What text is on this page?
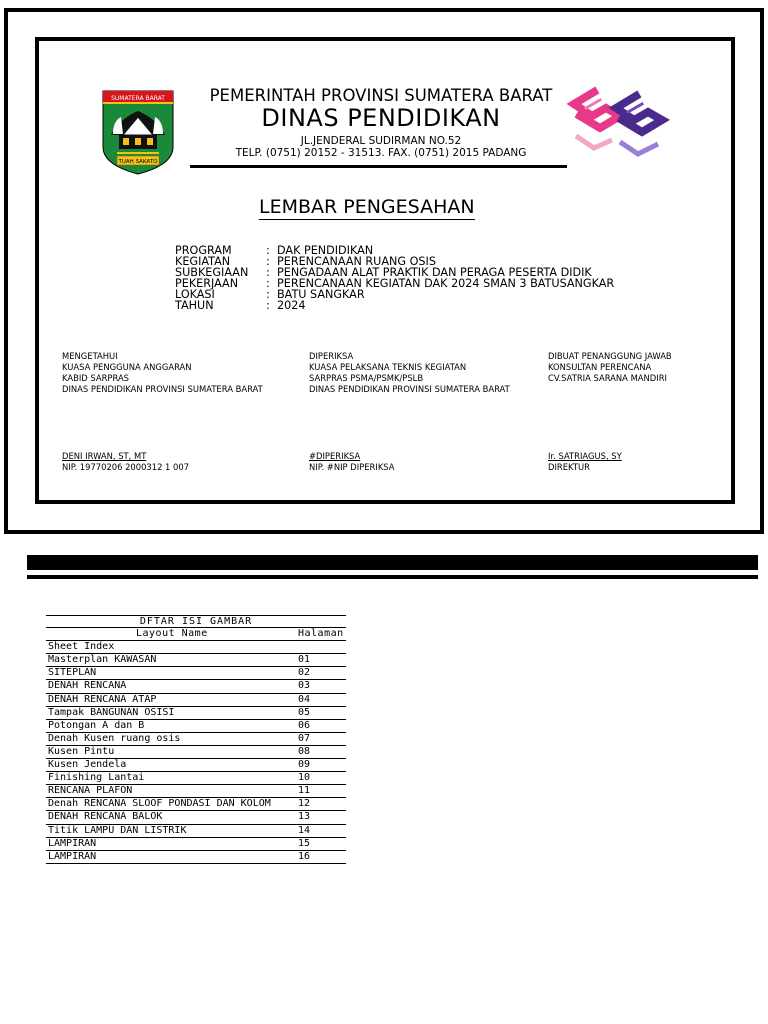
SUMATERA BARAT
TUAH SAKATO
PEMERINTAH PROVINSI SUMATERA BARAT
DINAS PENDIDIKAN
JL.JENDERAL SUDIRMAN NO.52
TELP. (0751) 20152 - 31513. FAX. (0751) 2015 PADANG
LEMBAR PENGESAHAN
PROGRAM	: DAK PENDIDIKAN
KEGIATAN	: PERENCANAAN RUANG OSIS
SUBKEGIAAN	: PENGADAAN ALAT PRAKTIK DAN PERAGA PESERTA DIDIK
PEKERJAAN	: PERENCANAAN KEGIATAN DAK 2024 SMAN 3 BATUSANGKAR
LOKASI	: BATU SANGKAR
TAHUN	: 2024
MENGETAHUI
KUASA PENGGUNA ANGGARAN
KABID SARPRAS
DINAS PENDIDIKAN PROVINSI SUMATERA BARAT
DIPERIKSA
KUASA PELAKSANA TEKNIS KEGIATAN
SARPRAS PSMA/PSMK/PSLB
DINAS PENDIDIKAN PROVINSI SUMATERA BARAT
DIBUAT PENANGGUNG JAWAB
KONSULTAN PERENCANA
CV.SATRIA SARANA MANDIRI
DENI IRWAN, ST, MT
NIP. 19770206 2000312 1 007
#DIPERIKSA
NIP. #NIP DIPERIKSA
Ir. SATRIAGUS, SY
DIREKTUR
DFTAR ISI GAMBAR
Layout Name	Halaman
Sheet Index
Masterplan KAWASAN	01
SITEPLAN	02
DENAH RENCANA	03
DENAH RENCANA ATAP	04
Tampak BANGUNAN OSISI	05
Potongan A dan B	06
Denah Kusen ruang osis	07
Kusen Pintu	08
Kusen Jendela	09
Finishing Lantai	10
RENCANA PLAFON	11
Denah RENCANA SLOOF PONDASI DAN KOLOM	12
DENAH RENCANA BALOK	13
Titik LAMPU DAN LISTRIK	14
LAMPIRAN	15
LAMPIRAN	16
